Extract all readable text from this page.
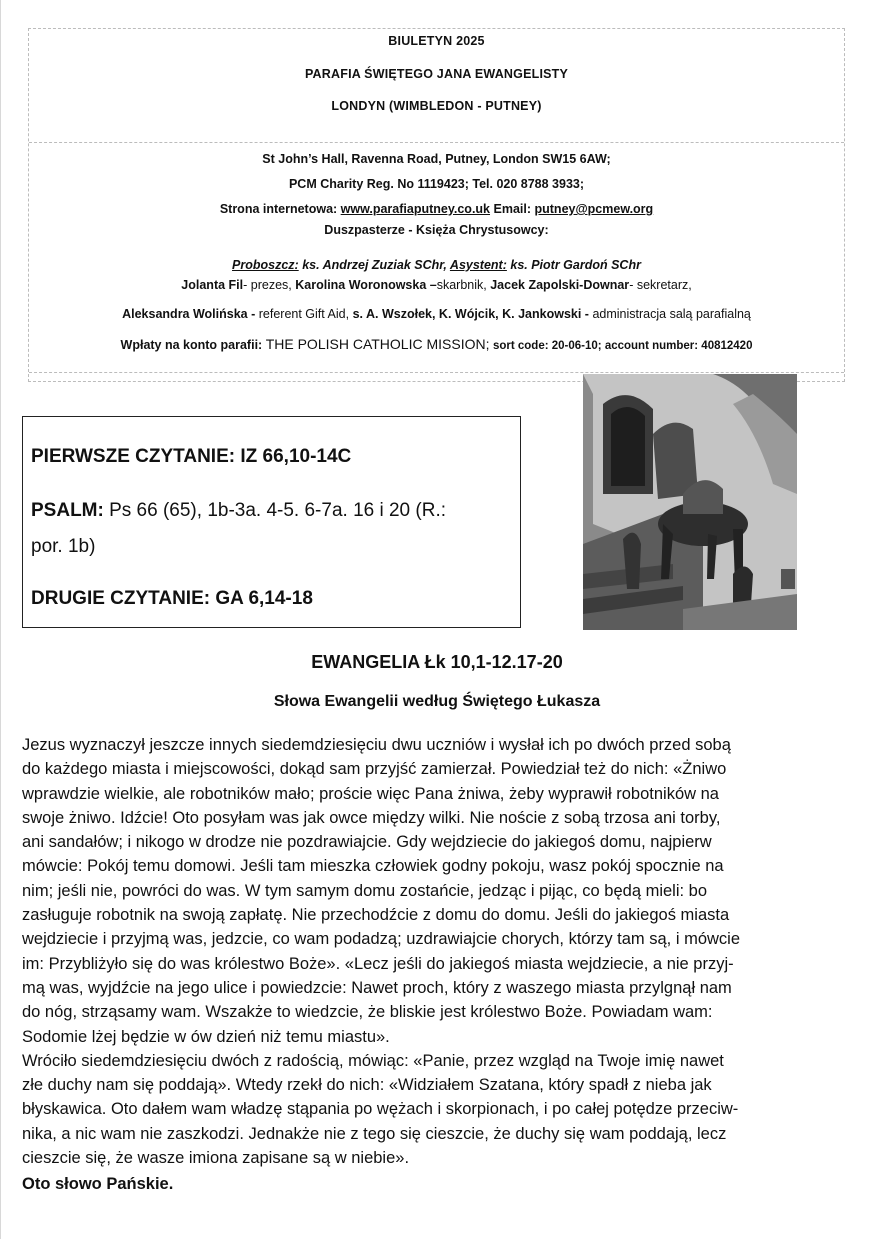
BIULETYN 2025
PARAFIA ŚWIĘTEGO JANA EWANGELISTY
LONDYN (WIMBLEDON - PUTNEY)
St John’s Hall, Ravenna Road, Putney, London SW15 6AW;
PCM Charity Reg. No 1119423; Tel. 020 8788 3933;
Strona internetowa: www.parafiaputney.co.uk Email: putney@pcmew.org
Duszpasterze - Księża Chrystusowcy:
Proboszcz: ks. Andrzej Zuziak SChr, Asystent: ks. Piotr Gardoń SChr
Jolanta Fil- prezes, Karolina Woronowska –skarbnik, Jacek Zapolski-Downar- sekretarz,
Aleksandra Wolińska - referent Gift Aid, s. A. Wszołek, K. Wójcik, K. Jankowski - administracja salą parafialną
Wpłaty na konto parafii: THE POLISH CATHOLIC MISSION; sort code: 20-06-10; account number: 40812420

PIERWSZE CZYTANIE: IZ 66,10-14C

PSALM: Ps 66 (65), 1b-3a. 4-5. 6-7a. 16 i 20 (R.:
por. 1b)

DRUGIE CZYTANIE: GA 6,14-18

EWANGELIA Łk 10,1-12.17-20
Słowa Ewangelii według Świętego Łukasza
Jezus wyznaczył jeszcze innych siedemdziesięciu dwu uczniów i wysłał ich po dwóch przed sobą
do każdego miasta i miejscowości, dokąd sam przyjść zamierzał. Powiedział też do nich: «Żniwo
wprawdzie wielkie, ale robotników mało; proście więc Pana żniwa, żeby wyprawił robotników na
swoje żniwo. Idźcie! Oto posyłam was jak owce między wilki. Nie noście z sobą trzosa ani torby,
ani sandałów; i nikogo w drodze nie pozdrawiajcie. Gdy wejdziecie do jakiegoś domu, najpierw
mówcie: Pokój temu domowi. Jeśli tam mieszka człowiek godny pokoju, wasz pokój spocznie na
nim; jeśli nie, powróci do was. W tym samym domu zostańcie, jedząc i pijąc, co będą mieli: bo
zasługuje robotnik na swoją zapłatę. Nie przechodźcie z domu do domu. Jeśli do jakiegoś miasta
wejdziecie i przyjmą was, jedzcie, co wam podadzą; uzdrawiajcie chorych, którzy tam są, i mówcie
im: Przybliżyło się do was królestwo Boże». «Lecz jeśli do jakiegoś miasta wejdziecie, a nie przyj-
mą was, wyjdźcie na jego ulice i powiedzcie: Nawet proch, który z waszego miasta przylgnął nam
do nóg, strząsamy wam. Wszakże to wiedzcie, że bliskie jest królestwo Boże. Powiadam wam:
Sodomie lżej będzie w ów dzień niż temu miastu».
Wróciło siedemdziesięciu dwóch z radością, mówiąc: «Panie, przez wzgląd na Twoje imię nawet
złe duchy nam się poddają». Wtedy rzekł do nich: «Widziałem Szatana, który spadł z nieba jak
błyskawica. Oto dałem wam władzę stąpania po wężach i skorpionach, i po całej potędze przeciw-
nika, a nic wam nie zaszkodzi. Jednakże nie z tego się cieszcie, że duchy się wam poddają, lecz
cieszcie się, że wasze imiona zapisane są w niebie».
Oto słowo Pańskie.
